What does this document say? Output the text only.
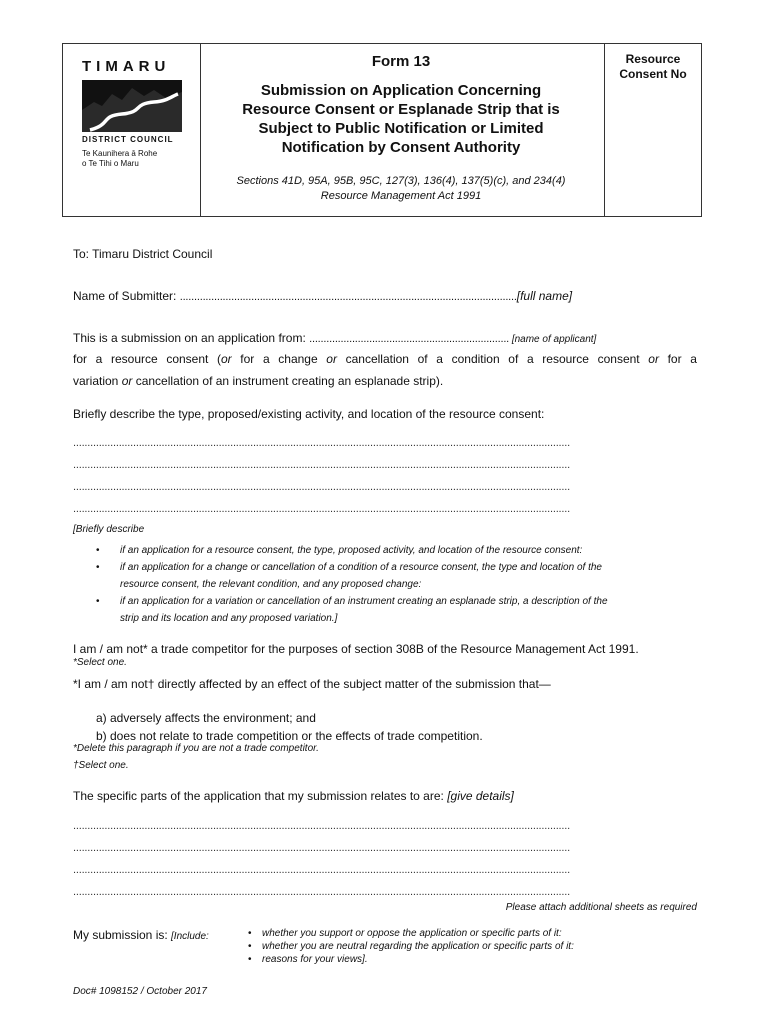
TIMARU
DISTRICT COUNCIL
Te Kaunihera ā Rohe
o Te Tihi o Maru
Form 13
Submission on Application Concerning
Resource Consent or Esplanade Strip that is
Subject to Public Notification or Limited
Notification by Consent Authority
Sections 41D, 95A, 95B, 95C, 127(3), 136(4), 137(5)(c), and 234(4)
Resource Management Act 1991
Resource
Consent No
To: Timaru District Council
Name of Submitter: ......................................................................................................................[full name]
This is a submission on an application from: ...................................................................... [name of applicant]
for a resource consent (or for a change or cancellation of a condition of a resource consent or for a
variation or cancellation of an instrument creating an esplanade strip).
Briefly describe the type, proposed/existing activity, and location of the resource consent:
..............................................................................................................................................................................
..............................................................................................................................................................................
..............................................................................................................................................................................
..............................................................................................................................................................................
[Briefly describe
• if an application for a resource consent, the type, proposed activity, and location of the resource consent:
• if an application for a change or cancellation of a condition of a resource consent, the type and location of the
resource consent, the relevant condition, and any proposed change:
• if an application for a variation or cancellation of an instrument creating an esplanade strip, a description of the
strip and its location and any proposed variation.]
I am / am not* a trade competitor for the purposes of section 308B of the Resource Management Act 1991.
*Select one.
*I am / am not† directly affected by an effect of the subject matter of the submission that—
a) adversely affects the environment; and
b) does not relate to trade competition or the effects of trade competition.
*Delete this paragraph if you are not a trade competitor.
†Select one.
The specific parts of the application that my submission relates to are: [give details]
..............................................................................................................................................................................
..............................................................................................................................................................................
..............................................................................................................................................................................
..............................................................................................................................................................................
Please attach additional sheets as required
My submission is: [Include:	• whether you support or oppose the application or specific parts of it:
• whether you are neutral regarding the application or specific parts of it:
• reasons for your views].
Doc# 1098152 / October 2017
